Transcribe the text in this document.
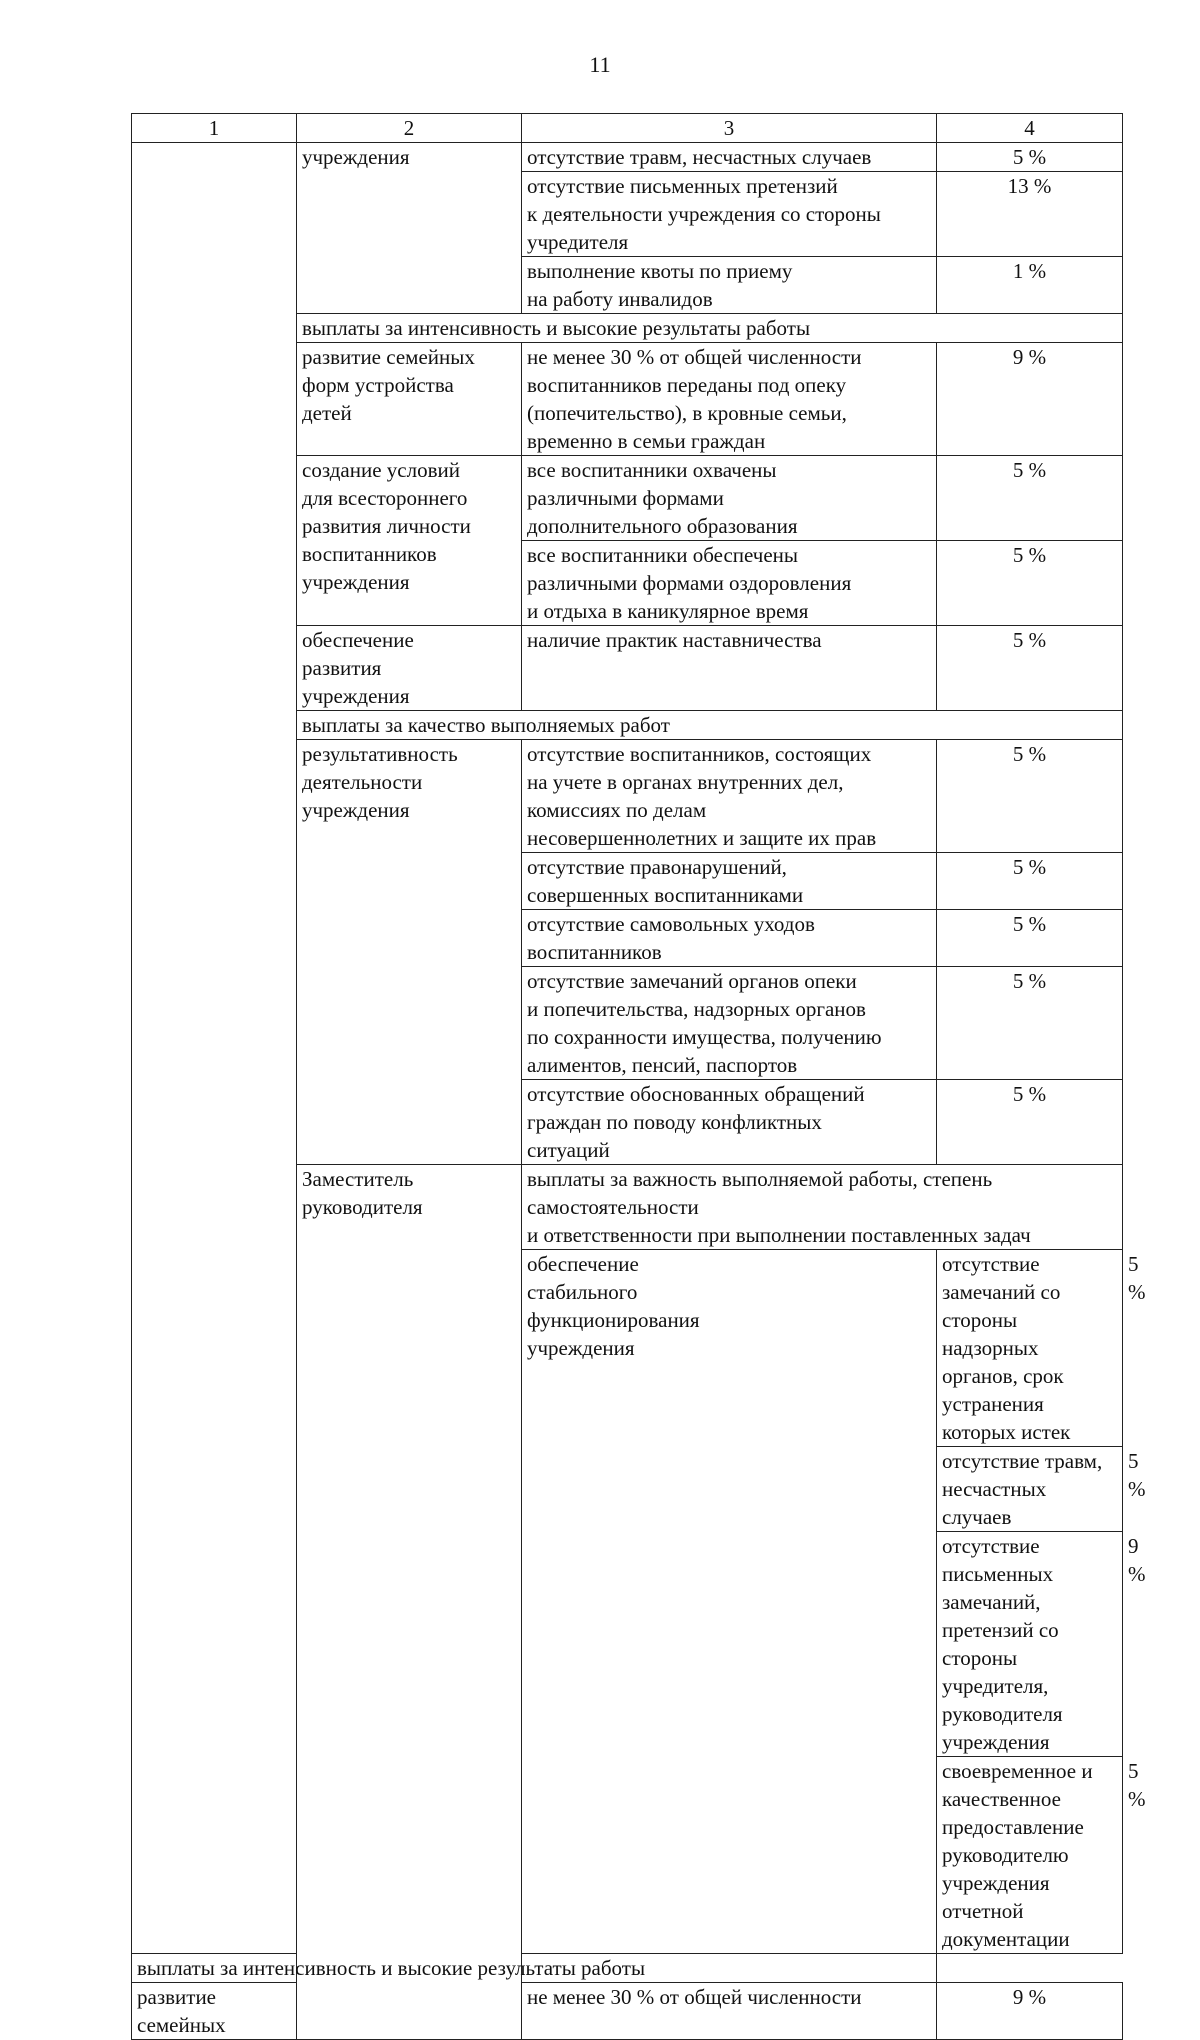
11
1	2	3	4	
	учреждения	отсутствие травм, несчастных случаев	5 %	
		отсутствие письменных претензий
к деятельности учреждения со стороны
учредителя	13 %	
		выполнение квоты по приему
на работу инвалидов	1 %	
	выплаты за интенсивность и высокие результаты работы			
	развитие семейных
форм устройства
детей	не менее 30 % от общей численности
воспитанников переданы под опеку
(попечительство), в кровные семьи,
временно в семьи граждан	9 %	
	создание условий
для всестороннего
развития личности
воспитанников
учреждения	все воспитанники охвачены
различными формами
дополнительного образования	5 %	
		все воспитанники обеспечены
различными формами оздоровления
и отдыха в каникулярное время	5 %	
	обеспечение
развития
учреждения	наличие практик наставничества	5 %	
	выплаты за качество выполняемых работ			
	результативность
деятельности
учреждения	отсутствие воспитанников, состоящих
на учете в органах внутренних дел,
комиссиях по делам
несовершеннолетних и защите их прав	5 %	
		отсутствие правонарушений,
совершенных воспитанниками	5 %	
		отсутствие самовольных уходов
воспитанников	5 %	
		отсутствие замечаний органов опеки
и попечительства, надзорных органов
по сохранности имущества, получению
алиментов, пенсий, паспортов	5 %	
		отсутствие обоснованных обращений
граждан по поводу конфликтных
ситуаций	5 %	
	Заместитель
руководителя	выплаты за важность выполняемой работы, степень самостоятельности
и ответственности при выполнении поставленных задач		
		обеспечение
стабильного
функционирования
учреждения	отсутствие замечаний со стороны
надзорных органов, срок устранения
которых истек	5 %
			отсутствие травм, несчастных случаев	5 %
			отсутствие письменных замечаний,
претензий со стороны учредителя,
руководителя учреждения	9 %
			своевременное и качественное
предоставление руководителю
учреждения отчетной документации	5 %
выплаты за интенсивность и высокие результаты работы				
развитие семейных		не менее 30 % от общей численности	9 %	
